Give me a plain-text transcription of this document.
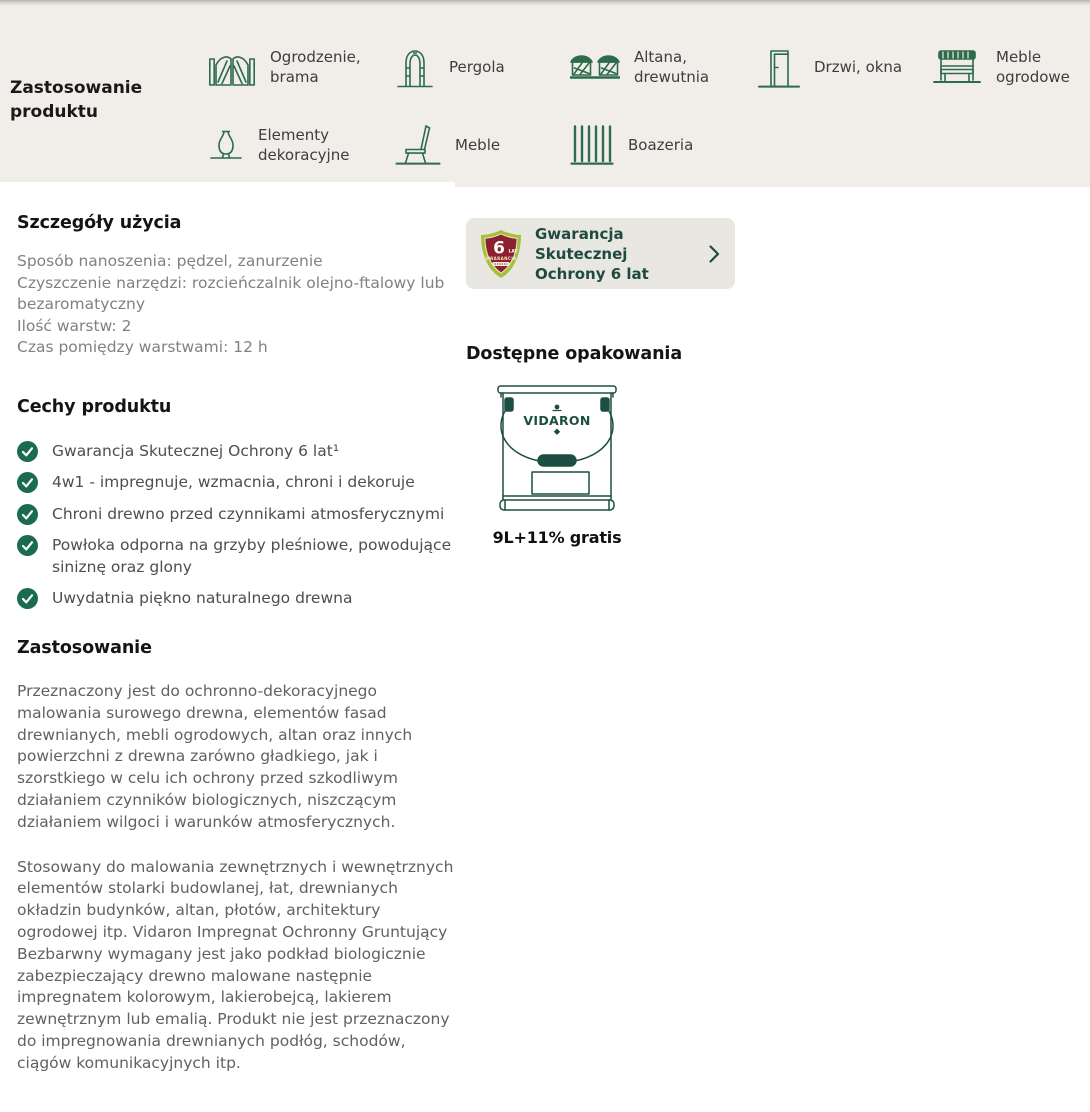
Zastosowanie produktu
Ogrodzenie, brama
Pergola
Altana, drewutnia
Drzwi, okna
Meble ogrodowe
Elementy dekoracyjne
Meble	Boazeria
Szczegóły użycia
Sposób nanoszenia: pędzel, zanurzenie
Czyszczenie narzędzi: rozcieńczalnik olejno-ftalowy lub bezaromatyczny
Ilość warstw: 2
Czas pomiędzy warstwami: 12 h
Cechy produktu
Gwarancja Skutecznej Ochrony 6 lat¹
4w1 - impregnuje, wzmacnia, chroni i dekoruje
Chroni drewno przed czynnikami atmosferycznymi
Powłoka odporna na grzyby pleśniowe, powodujące siniznę oraz glony
Uwydatnia piękno naturalnego drewna
Zastosowanie

Przeznaczony jest do ochronno-dekoracyjnego malowania surowego drewna, elementów fasad drewnianych, mebli ogrodowych, altan oraz innych powierzchni z drewna zarówno gładkiego, jak i szorstkiego w celu ich ochrony przed szkodliwym działaniem czynników biologicznych, niszczącym działaniem wilgoci i warunków atmosferycznych.

Stosowany do malowania zewnętrznych i wewnętrznych elementów stolarki budowlanej, łat, drewnianych okładzin budynków, altan, płotów, architektury ogrodowej itp. Vidaron Impregnat Ochronny Gruntujący Bezbarwny wymagany jest jako podkład biologicznie zabezpieczający drewno malowane następnie impregnatem kolorowym, lakierobejcą, lakierem zewnętrznym lub emalią. Produkt nie jest przeznaczony do impregnowania drewnianych podłóg, schodów, ciągów komunikacyjnych itp.

6 LAT
GWARANCJA
Gwarancja Skutecznej Ochrony 6 lat
Dostępne opakowania
VIDARON
9L+11% gratis
